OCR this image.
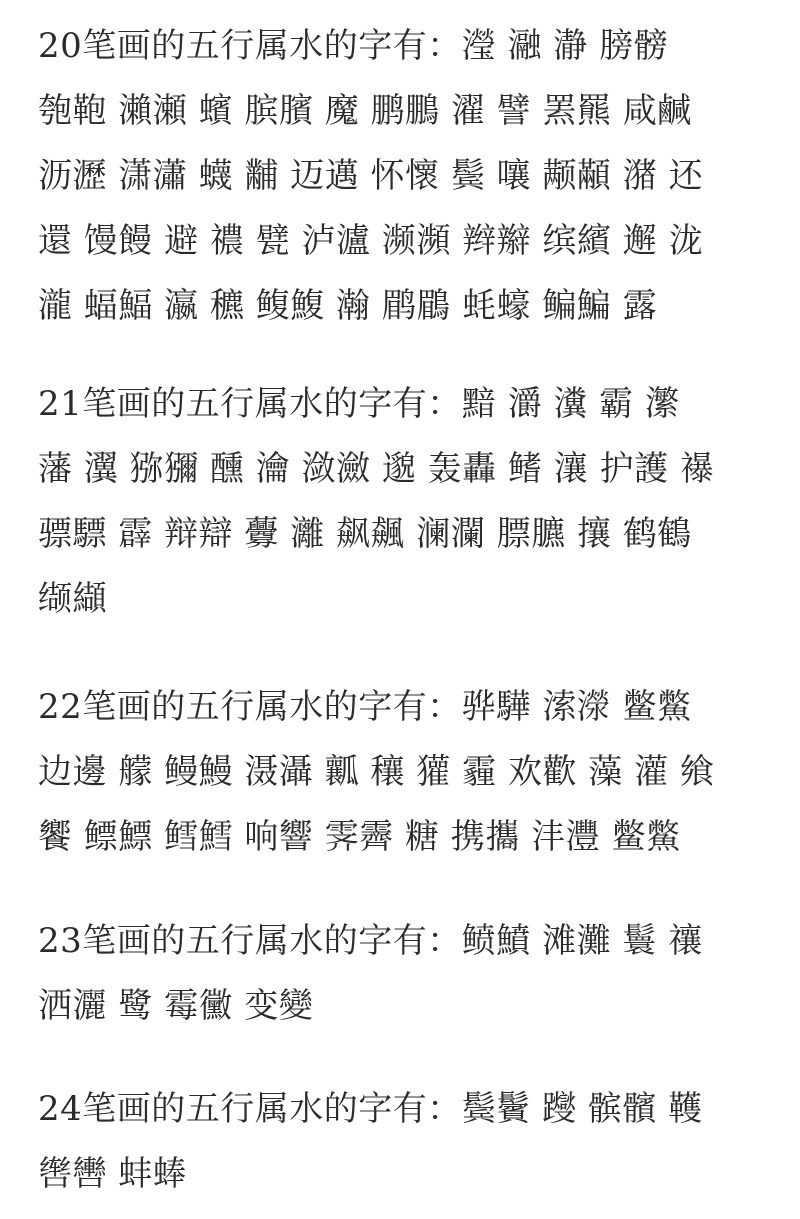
20笔画的五行属水的字有：瀅 瀜 瀞 膀髈
匏鞄 瀨瀬 蠙 膑臏 魔 鹏鵬 濯 譬 罴羆 咸鹹
沥瀝 潇瀟 蠛 黼 迈邁 怀懷 鬓 嚷 颟顢 潴 还
還 馒饅 避 禯 甓 泸瀘 濒瀕 辫辮 缤繽 邂 泷
瀧 蝠鰏 瀛 穮 鳆鰒 瀚 鹛鶥 蚝蠔 鳊鯿 露
21笔画的五行属水的字有：黯 灂 瀵 霸 瀿
藩 瀷 猕獼 醺 瀹 潋瀲 邈 轰轟 鳍 瀼 护護 襮
骠驃 霹 辩辯 虋 灕 飙飆 澜瀾 膘臕 攘 鹤鶴
缬纈
22笔画的五行属水的字有：骅驊 溹濴 鳖鱉
边邊 艨 鳗鰻 滠灄 瓤 穰 獾 霾 欢歡 藻 灌 飨
饗 鳔鰾 鳕鱈 响響 霁霽 糖 携攜 沣灃 鳖鱉
23笔画的五行属水的字有：鲼鱝 滩灘 鬟 禳
洒灑 鹭 霉黴 变變
24笔画的五行属水的字有：鬓鬢 躞 髌髕 韄
辔轡 蚌蜯
